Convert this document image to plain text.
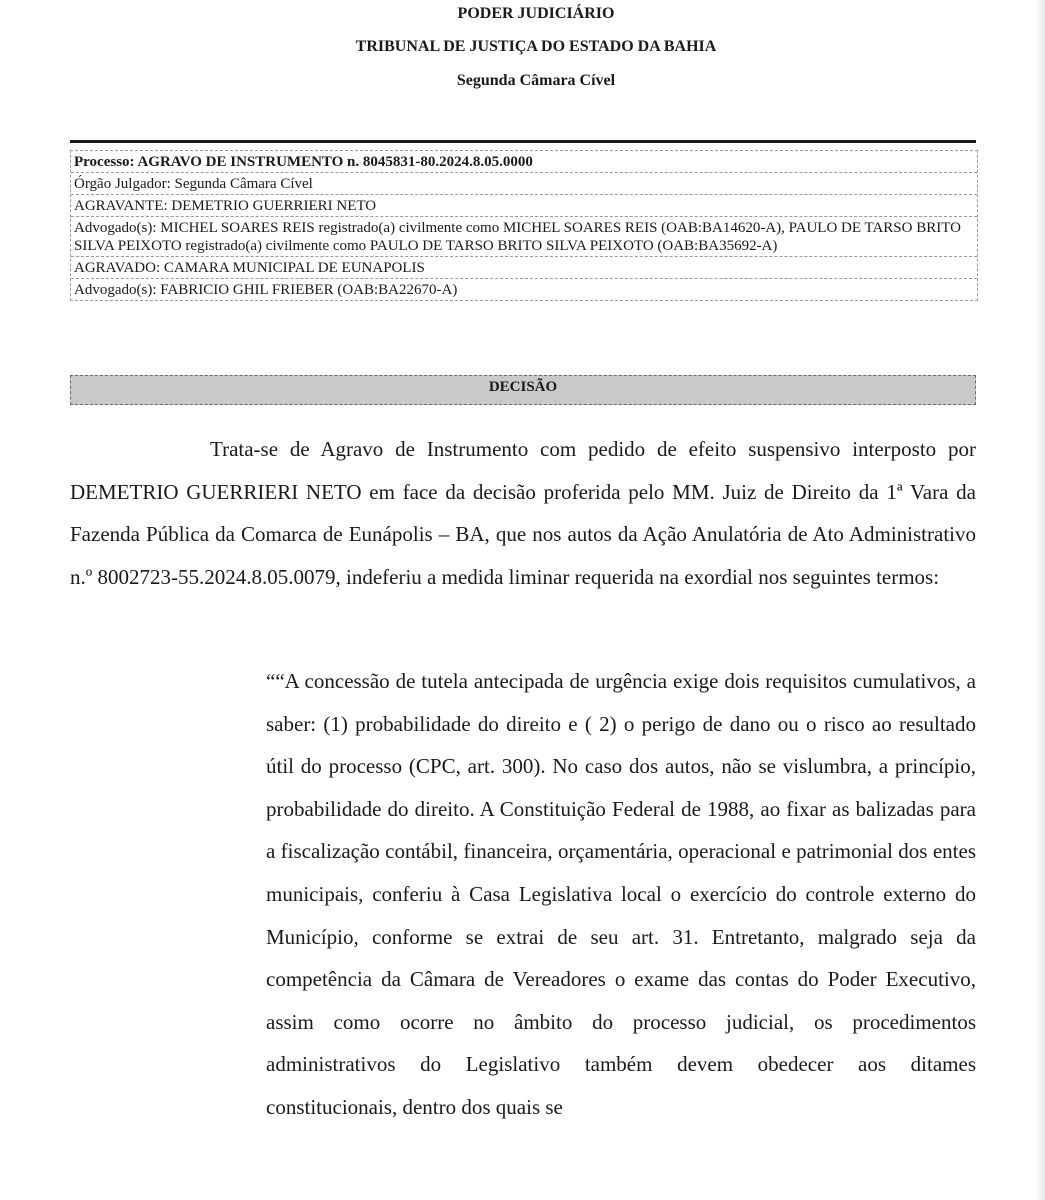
PODER JUDICIÁRIO
TRIBUNAL DE JUSTIÇA DO ESTADO DA BAHIA
Segunda Câmara Cível
Processo: AGRAVO DE INSTRUMENTO n. 8045831-80.2024.8.05.0000
Órgão Julgador: Segunda Câmara Cível
AGRAVANTE: DEMETRIO GUERRIERI NETO
Advogado(s): MICHEL SOARES REIS registrado(a) civilmente como MICHEL SOARES REIS (OAB:BA14620-A), PAULO DE TARSO BRITO SILVA PEIXOTO registrado(a) civilmente como PAULO DE TARSO BRITO SILVA PEIXOTO (OAB:BA35692-A)
AGRAVADO: CAMARA MUNICIPAL DE EUNAPOLIS
Advogado(s): FABRICIO GHIL FRIEBER (OAB:BA22670-A)
DECISÃO

Trata-se de Agravo de Instrumento com pedido de efeito suspensivo interposto por DEMETRIO GUERRIERI NETO em face da decisão proferida pelo MM. Juiz de Direito da 1ª Vara da Fazenda Pública da Comarca de Eunápolis – BA, que nos autos da Ação Anulatória de Ato Administrativo n.º 8002723-55.2024.8.05.0079, indeferiu a medida liminar requerida na exordial nos seguintes termos:

““A concessão de tutela antecipada de urgência exige dois requisitos cumulativos, a saber: (1) probabilidade do direito e ( 2) o perigo de dano ou o risco ao resultado útil do processo (CPC, art. 300). No caso dos autos, não se vislumbra, a princípio, probabilidade do direito. A Constituição Federal de 1988, ao fixar as balizadas para a fiscalização contábil, financeira, orçamentária, operacional e patrimonial dos entes municipais, conferiu à Casa Legislativa local o exercício do controle externo do Município, conforme se extrai de seu art. 31. Entretanto, malgrado seja da competência da Câmara de Vereadores o exame das contas do Poder Executivo, assim como ocorre no âmbito do processo judicial, os procedimentos administrativos do Legislativo também devem obedecer aos ditames constitucionais, dentro dos quais se
